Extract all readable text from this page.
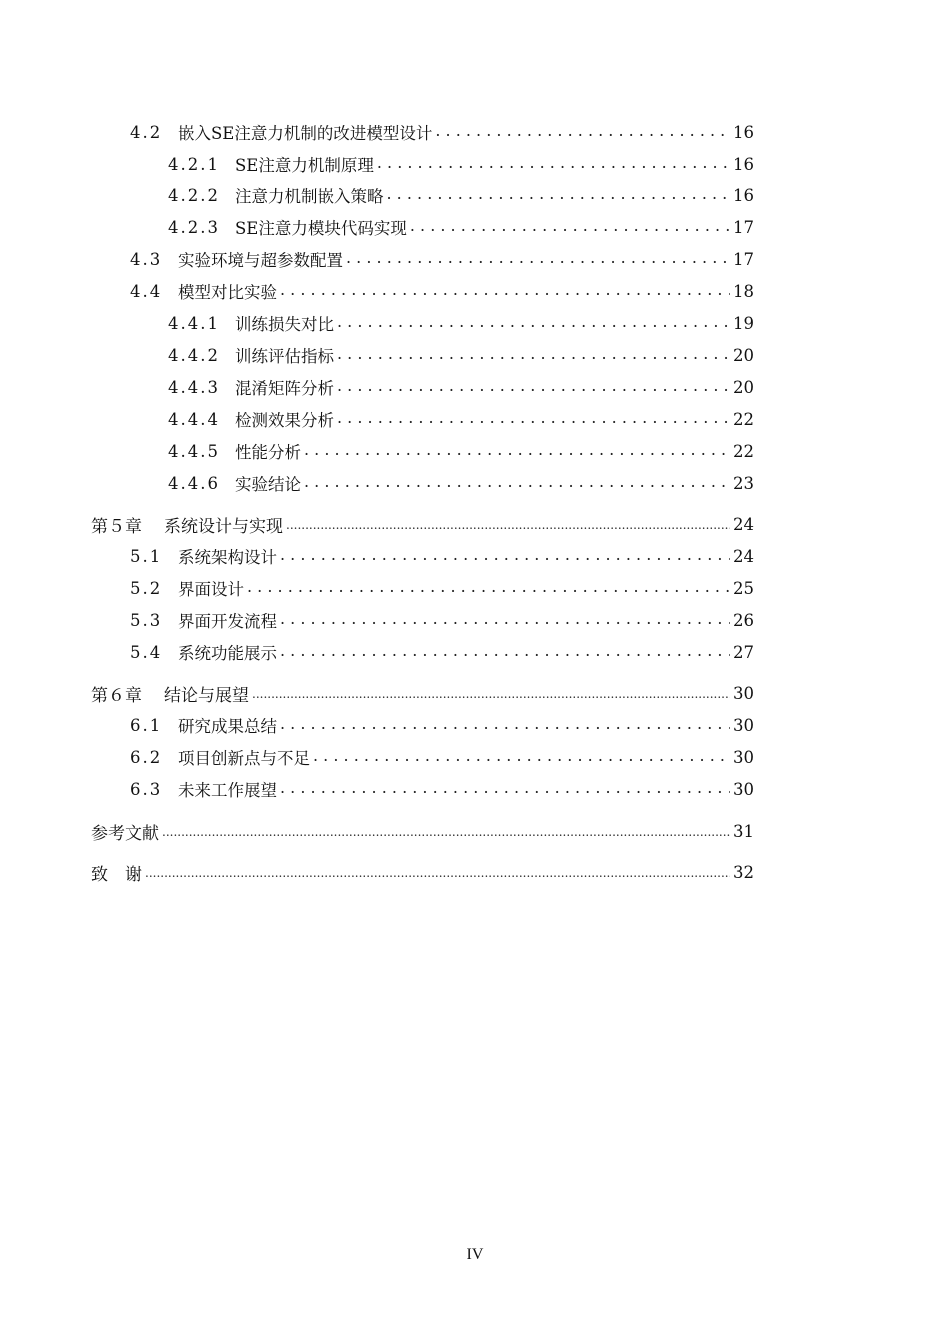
4.2 嵌入SE注意力机制的改进模型设计 . . .	16
4.2.1 SE注意力机制原理 . . .	16
4.2.2 注意力机制嵌入策略 . . .	16
4.2.3 SE注意力模块代码实现 . . .	17
4.3 实验环境与超参数配置 . . .	17
4.4 模型对比实验 . . .	18
4.4.1 训练损失对比 . . .	19
4.4.2 训练评估指标 . . .	20
4.4.3 混淆矩阵分析 . . .	20
4.4.4 检测效果分析 . . .	22
4.4.5 性能分析 . . .	22
4.4.6 实验结论 . . .	23
第５章	系统设计与实现 .....	24
5.1 系统架构设计 . . .	24
5.2 界面设计 . . .	25
5.3 界面开发流程 . . .	26
5.4 系统功能展示 . . .	27
第６章	结论与展望 .....	30
6.1 研究成果总结 . . .	30
6.2 项目创新点与不足 . . .	30
6.3 未来工作展望 . . .	30
参考文献 .....	31
致　谢 .....	32
IV
